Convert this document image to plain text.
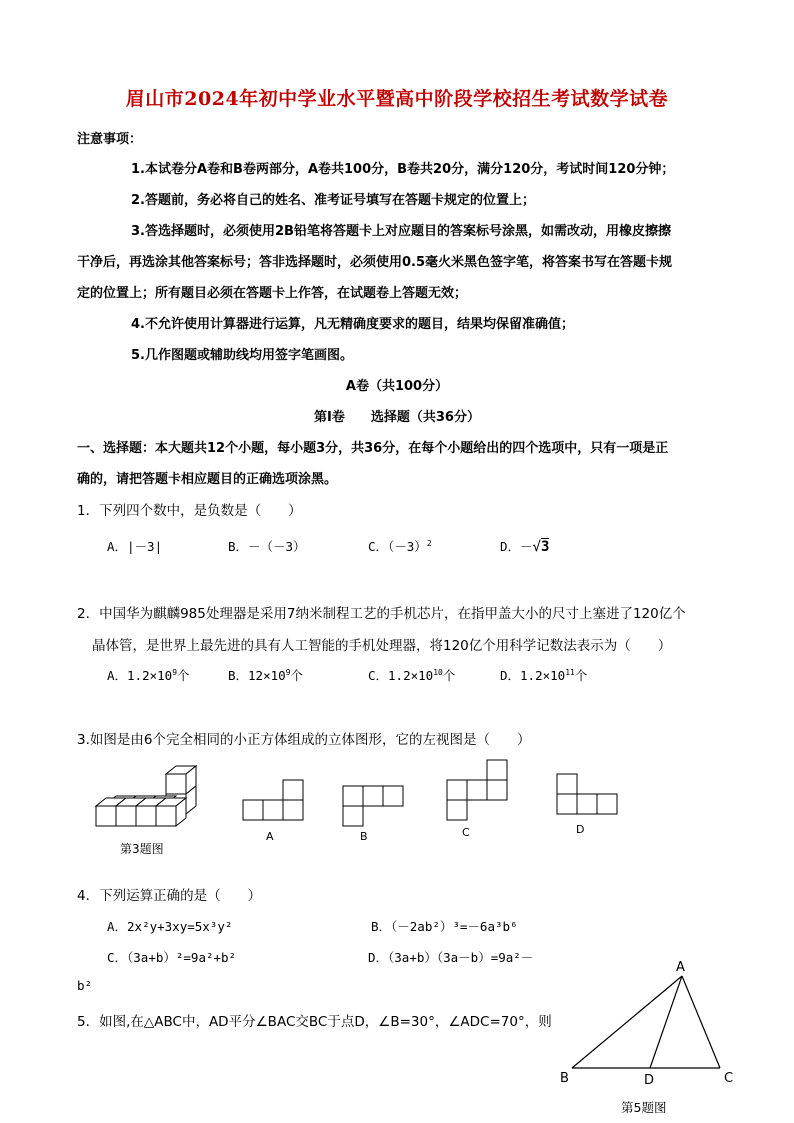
眉山市2024年初中学业水平暨高中阶段学校招生考试数学试卷
注意事项：
1.本试卷分A卷和B卷两部分，A卷共100分，B卷共20分，满分120分，考试时间120分钟；
2.答题前，务必将自己的姓名、准考证号填写在答题卡规定的位置上；
3.答选择题时，必须使用2B铅笔将答题卡上对应题目的答案标号涂黑，如需改动，用橡皮擦擦
干净后，再选涂其他答案标号；答非选择题时，必须使用0.5毫火米黑色签字笔，将答案书写在答题卡规
定的位置上；所有题目必须在答题卡上作答，在试题卷上答题无效；
4.不允许使用计算器进行运算，凡无精确度要求的题目，结果均保留准确值；
5.几作图题或辅助线均用签字笔画图。
A卷（共100分）
第Ⅰ卷　　选择题（共36分）
一、选择题：本大题共12个小题，每小题3分，共36分，在每个小题给出的四个选项中，只有一项是正
确的，请把答题卡相应题目的正确选项涂黑。
1．下列四个数中，是负数是（　　）
A．|－3|	B．－（－3）	C．$(-3)^2$	D．－√3
2．中国华为麒麟985处理器是采用7纳米制程工艺的手机芯片，在指甲盖大小的尺寸上塞进了120亿个
晶体管，是世界上最先进的具有人工智能的手机处理器，将120亿个用科学记数法表示为（　　）
A．$1.2\times 10^9$个	B．$12\times 10^9$个	C．$1.2\times 10^{10}$个	D．$1.2\times 10^{11}$个
3.如图是由6个完全相同的小正方体组成的立体图形，它的左视图是（　　）
第3题图
A	B	C	D
4．下列运算正确的是（　　）
A．2x²y+3xy=5x³y²	B．（－2ab²）³=－6a³b⁶
C．（3a+b）²=9a²+b²	D．（3a+b）（3a－b）=9a²－
b²
5．如图,在△ABC中，AD平分∠BAC交BC于点D，∠B=30°，∠ADC=70°，则
A
B	D	C
第5题图
